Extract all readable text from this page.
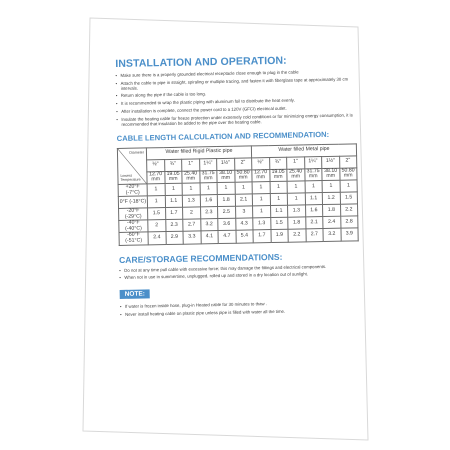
INSTALLATION AND OPERATION:
• Make sure there is a properly grounded electrical receptacle close enough to plug in the cable
• Attach the cable to pipe in straight, spiraling or multiple tracing, and fasten it with fiberglass tape at approximately 30 cm intervals.
• Return along the pipe if the cable is too long.
• It is recommended to wrap the plastic piping with aluminum foil to distribute the heat evenly.
• After installation is complete, connect the power cord to a 120V (GFCI) electrical outlet.
• Insulate the heating cable for freeze protection under extremely cold conditions or for minimizing energy consumption, it is recommended that insulation be added to the pipe over the heating cable.
CABLE LENGTH CALCULATION AND RECOMMENDATION:
Diameter
Lowest Temperature	Water filled Rigid Plastic pipe						Water filled Metal pipe					
	½"	¾"	1"	1¼"	1½"	2"	½"	¾"	1"	1¼"	1½"	2"
	12.70 mm	19.05 mm	25.40 mm	31.75 mm	38.10 mm	50.80 mm	12.70 mm	19.05 mm	25.40 mm	31.75 mm	38.10 mm	50.80 mm
+20°F (-7°C)	1	1	1	1	1	1	1	1	1	1	1	1
0°F (-18°C)	1	1.1	1.3	1.6	1.8	2.1	1	1	1	1.1	1.2	1.5
-20°F (-29°C)	1.5	1.7	2	2.3	2.5	3	1	1.1	1.3	1.6	1.8	2.2
-40°F (-40°C)	2	2.3	2.7	3.2	3.6	4.3	1.3	1.5	1.8	2.1	2.4	2.8
-60°F (-51°C)	2.4	2.9	3.3	4.1	4.7	5.4	1.7	1.9	2.2	2.7	3.2	3.9
CARE/STORAGE RECOMMENDATIONS:
• Do not at any time pull cable with excessive force; this may damage the fittings and electrical components.
• When not in use in summertime, unplugged, rolled up and stored in a dry location out of sunlight.
NOTE:
• If water is frozen inside hose, plug-in Heated cable for 30 minutes to thaw .
• Never install heating cable on plastic pipe unless pipe is filled with water all the time.
